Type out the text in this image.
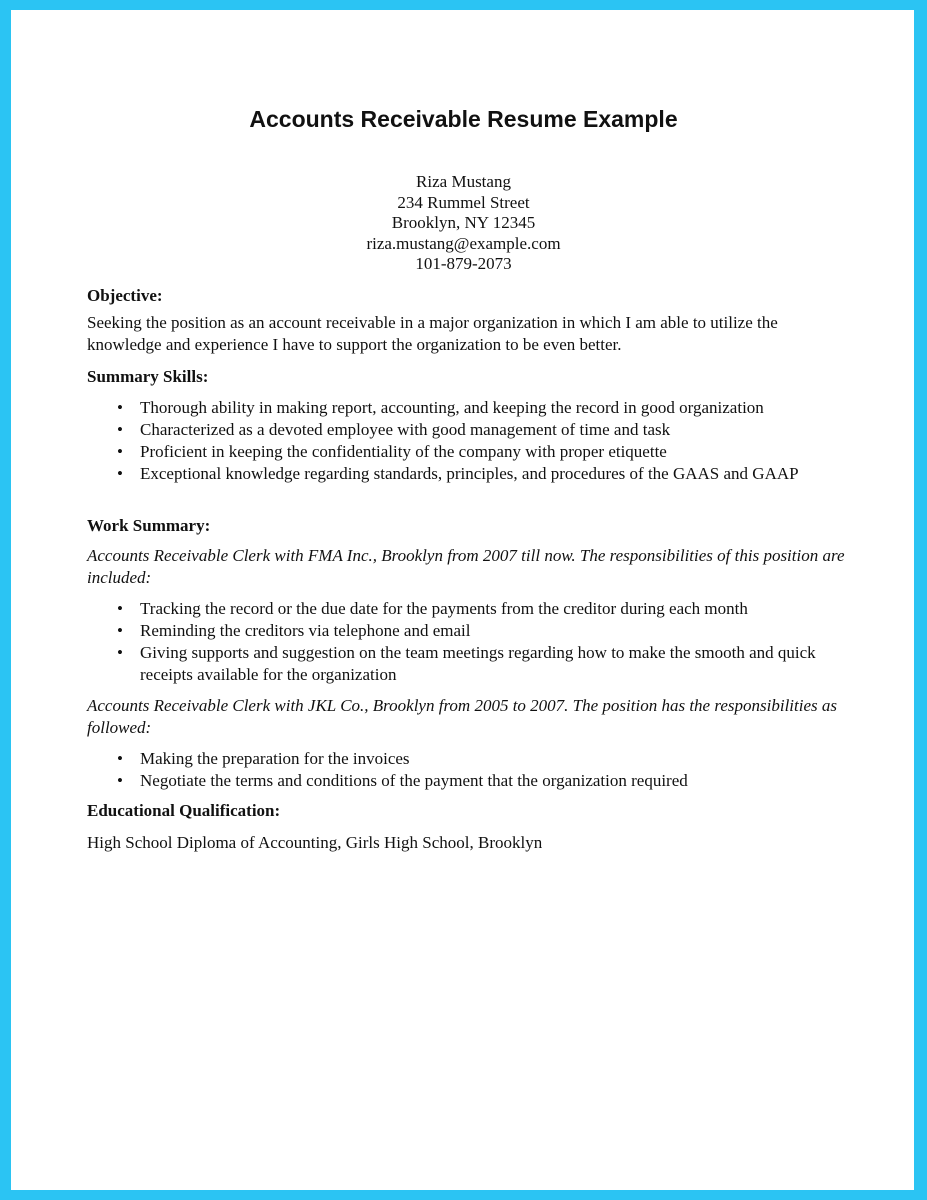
Accounts Receivable Resume Example
Riza Mustang
234 Rummel Street
Brooklyn, NY 12345
riza.mustang@example.com
101-879-2073
Objective:
Seeking the position as an account receivable in a major organization in which I am able to utilize the knowledge and experience I have to support the organization to be even better.
Summary Skills:
• Thorough ability in making report, accounting, and keeping the record in good organization
• Characterized as a devoted employee with good management of time and task
• Proficient in keeping the confidentiality of the company with proper etiquette
• Exceptional knowledge regarding standards, principles, and procedures of the GAAS and GAAP
Work Summary:
Accounts Receivable Clerk with FMA Inc., Brooklyn from 2007 till now. The responsibilities of this position are included:
• Tracking the record or the due date for the payments from the creditor during each month
• Reminding the creditors via telephone and email
• Giving supports and suggestion on the team meetings regarding how to make the smooth and quick receipts available for the organization
Accounts Receivable Clerk with JKL Co., Brooklyn from 2005 to 2007. The position has the responsibilities as followed:
• Making the preparation for the invoices
• Negotiate the terms and conditions of the payment that the organization required
Educational Qualification:
High School Diploma of Accounting, Girls High School, Brooklyn
